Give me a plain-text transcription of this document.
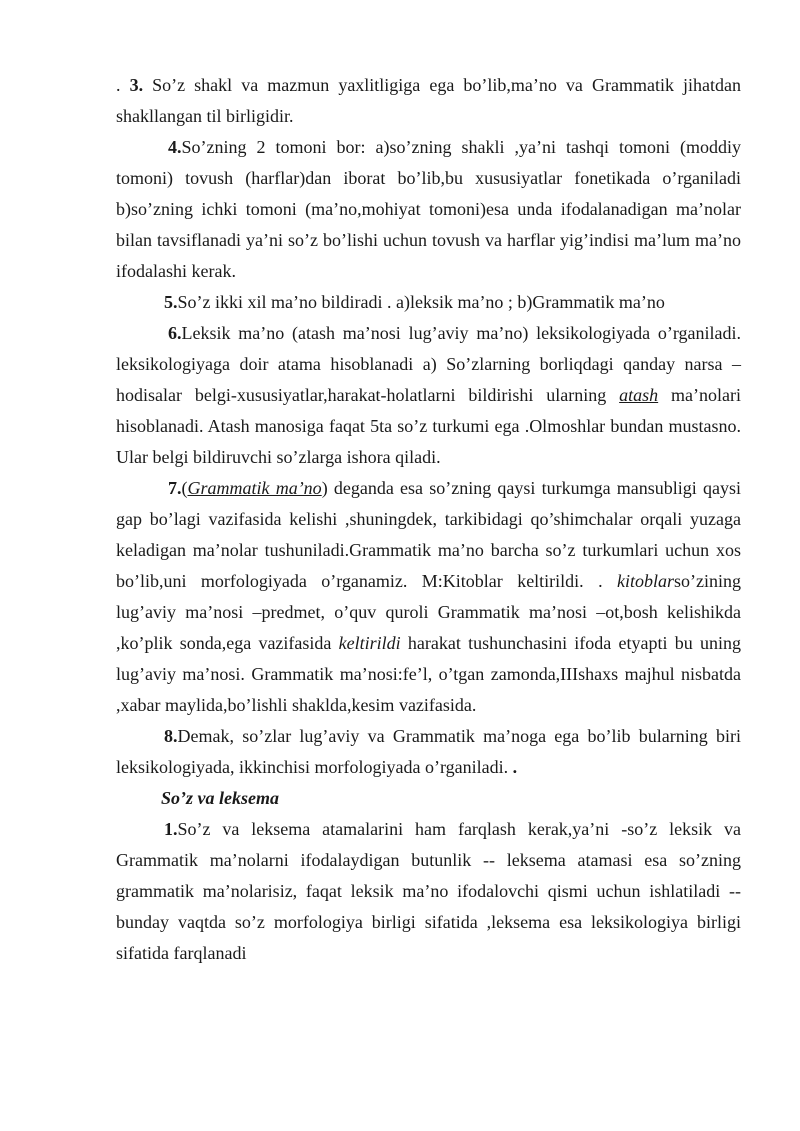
. 3. So’z shakl va mazmun yaxlitligiga ega bo’lib,ma’no va Grammatik jihatdan shakllangan til birligidir.

4.So’zning 2 tomoni bor: a)so’zning shakli ,ya’ni tashqi tomoni (moddiy tomoni) tovush (harflar)dan iborat bo’lib,bu xususiyatlar fonetikada o’rganiladi b)so’zning ichki tomoni (ma’no,mohiyat tomoni)esa unda ifodalanadigan ma’nolar bilan tavsiflanadi ya’ni so’z bo’lishi uchun tovush va harflar yig’indisi ma’lum ma’no ifodalashi kerak.

5.So’z ikki xil ma’no bildiradi . a)leksik ma’no ; b)Grammatik ma’no

6.Leksik ma’no (atash ma’nosi lug’aviy ma’no) leksikologiyada o’rganiladi. leksikologiyaga doir atama hisoblanadi a) So’zlarning borliqdagi qanday narsa – hodisalar belgi-xususiyatlar,harakat-holatlarni bildirishi ularning atash ma’nolari hisoblanadi. Atash manosiga faqat 5ta so’z turkumi ega .Olmoshlar bundan mustasno. Ular belgi bildiruvchi so’zlarga ishora qiladi.

7.(Grammatik ma’no) deganda esa so’zning qaysi turkumga mansubligi qaysi gap bo’lagi vazifasida kelishi ,shuningdek, tarkibidagi qo’shimchalar orqali yuzaga keladigan ma’nolar tushuniladi.Grammatik ma’no barcha so’z turkumlari uchun xos bo’lib,uni morfologiyada o’rganamiz. M:Kitoblar keltirildi. . kitoblarso’zining lug’aviy ma’nosi –predmet, o’quv quroli Grammatik ma’nosi –ot,bosh kelishikda ,ko’plik sonda,ega vazifasida keltirildi harakat tushunchasini ifoda etyapti bu uning lug’aviy ma’nosi. Grammatik ma’nosi:fe’l, o’tgan zamonda,IIIshaxs majhul nisbatda ,xabar maylida,bo’lishli shaklda,kesim vazifasida.

8.Demak, so’zlar lug’aviy va Grammatik ma’noga ega bo’lib bularning biri leksikologiyada, ikkinchisi morfologiyada o’rganiladi. .

So’z va leksema

1.So’z va leksema atamalarini ham farqlash kerak,ya’ni -so’z leksik va Grammatik ma’nolarni ifodalaydigan butunlik -- leksema atamasi esa so’zning grammatik ma’nolarisiz, faqat leksik ma’no ifodalovchi qismi uchun ishlatiladi -- bunday vaqtda so’z morfologiya birligi sifatida ,leksema esa leksikologiya birligi sifatida farqlanadi
